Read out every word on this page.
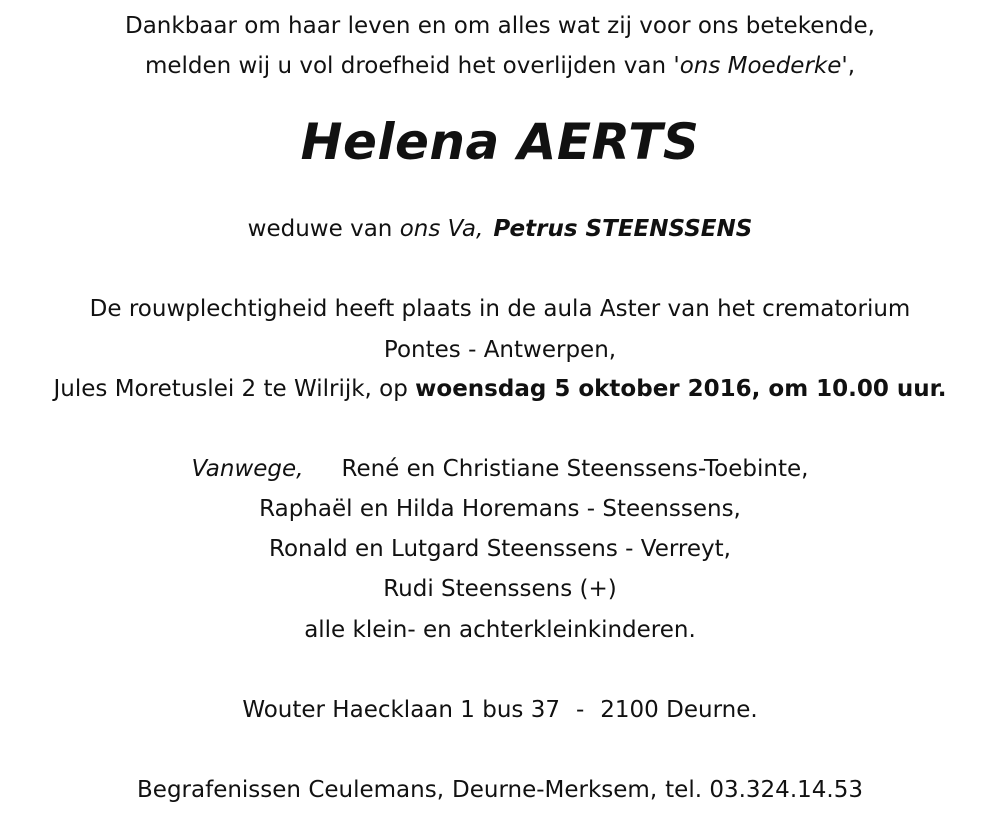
Dankbaar om haar leven en om alles wat zij voor ons betekende,
melden wij u vol droefheid het overlijden van 'ons Moederke',
Helena AERTS
weduwe van ons Va, Petrus STEENSSENS
De rouwplechtigheid heeft plaats in de aula Aster van het crematorium
Pontes - Antwerpen,
Jules Moretuslei 2 te Wilrijk, op woensdag 5 oktober 2016, om 10.00 uur.
Vanwege, René en Christiane Steenssens-Toebinte,
Raphaël en Hilda Horemans - Steenssens,
Ronald en Lutgard Steenssens - Verreyt,
Rudi Steenssens (+)
alle klein- en achterkleinkinderen.
Wouter Haecklaan 1 bus 37 - 2100 Deurne.
Begrafenissen Ceulemans, Deurne-Merksem, tel. 03.324.14.53
